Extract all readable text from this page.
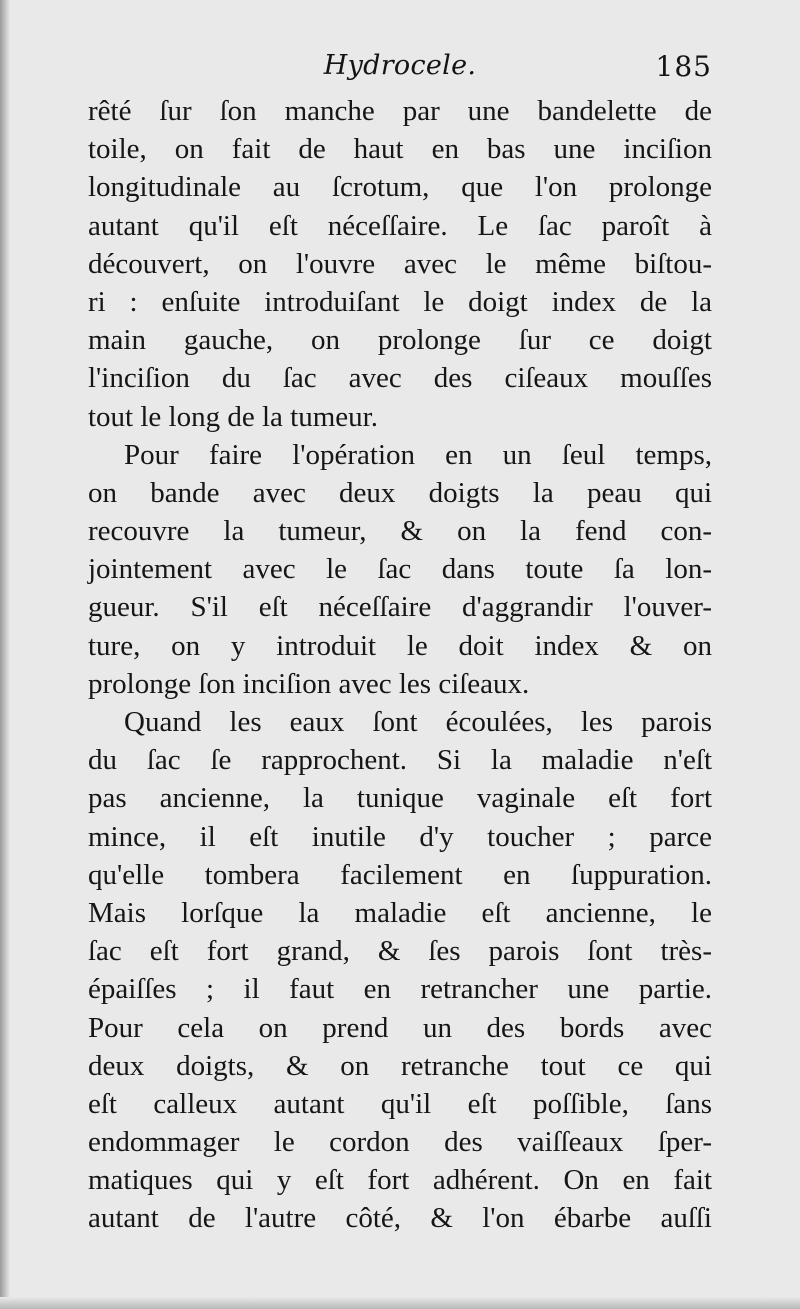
Hydrocele.	185
rêté ſur ſon manche par une bandelette de
toile, on fait de haut en bas une inciſion
longitudinale au ſcrotum, que l'on prolonge
autant qu'il eſt néceſſaire. Le ſac paroît à
découvert, on l'ouvre avec le même biſtou-
ri : enſuite introduiſant le doigt index de la
main gauche, on prolonge ſur ce doigt
l'inciſion du ſac avec des ciſeaux mouſſes
tout le long de la tumeur.
Pour faire l'opération en un ſeul temps,
on bande avec deux doigts la peau qui
recouvre la tumeur, & on la fend con-
jointement avec le ſac dans toute ſa lon-
gueur. S'il eſt néceſſaire d'aggrandir l'ouver-
ture, on y introduit le doit index & on
prolonge ſon inciſion avec les ciſeaux.
Quand les eaux ſont écoulées, les parois
du ſac ſe rapprochent. Si la maladie n'eſt
pas ancienne, la tunique vaginale eſt fort
mince, il eſt inutile d'y toucher ; parce
qu'elle tombera facilement en ſuppuration.
Mais lorſque la maladie eſt ancienne, le
ſac eſt fort grand, & ſes parois ſont très-
épaiſſes ; il faut en retrancher une partie.
Pour cela on prend un des bords avec
deux doigts, & on retranche tout ce qui
eſt calleux autant qu'il eſt poſſible, ſans
endommager le cordon des vaiſſeaux ſper-
matiques qui y eſt fort adhérent. On en fait
autant de l'autre côté, & l'on ébarbe auſſi
